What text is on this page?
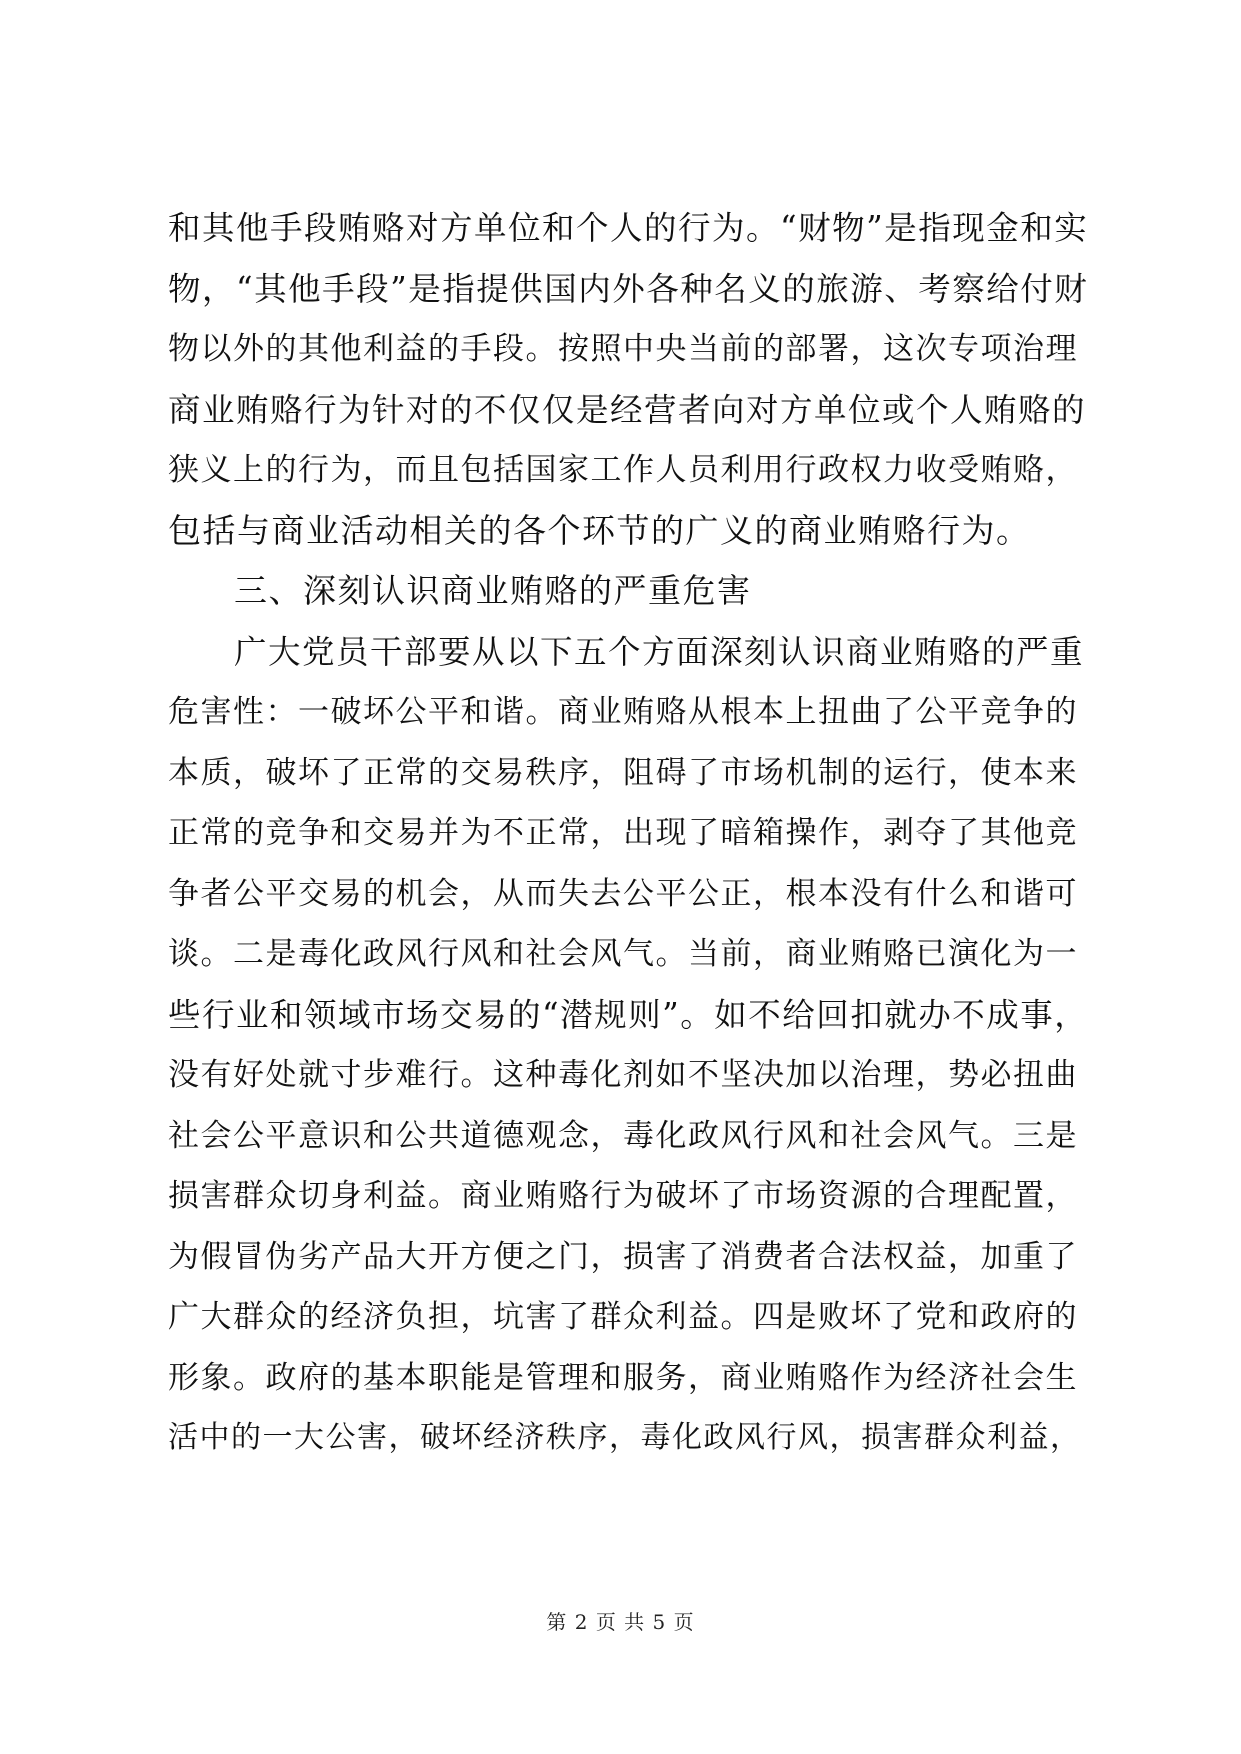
和其他手段贿赂对方单位和个人的行为。“财物”是指现金和实
物，“其他手段”是指提供国内外各种名义的旅游、考察给付财
物以外的其他利益的手段。按照中央当前的部署，这次专项治理
商业贿赂行为针对的不仅仅是经营者向对方单位或个人贿赂的
狭义上的行为，而且包括国家工作人员利用行政权力收受贿赂，
包括与商业活动相关的各个环节的广义的商业贿赂行为。
三、深刻认识商业贿赂的严重危害
广大党员干部要从以下五个方面深刻认识商业贿赂的严重
危害性：一破坏公平和谐。商业贿赂从根本上扭曲了公平竞争的
本质，破坏了正常的交易秩序，阻碍了市场机制的运行，使本来
正常的竞争和交易并为不正常，出现了暗箱操作，剥夺了其他竞
争者公平交易的机会，从而失去公平公正，根本没有什么和谐可
谈。二是毒化政风行风和社会风气。当前，商业贿赂已演化为一
些行业和领域市场交易的“潜规则”。如不给回扣就办不成事，
没有好处就寸步难行。这种毒化剂如不坚决加以治理，势必扭曲
社会公平意识和公共道德观念，毒化政风行风和社会风气。三是
损害群众切身利益。商业贿赂行为破坏了市场资源的合理配置，
为假冒伪劣产品大开方便之门，损害了消费者合法权益，加重了
广大群众的经济负担，坑害了群众利益。四是败坏了党和政府的
形象。政府的基本职能是管理和服务，商业贿赂作为经济社会生
活中的一大公害，破坏经济秩序，毒化政风行风，损害群众利益，
第 2 页 共 5 页
